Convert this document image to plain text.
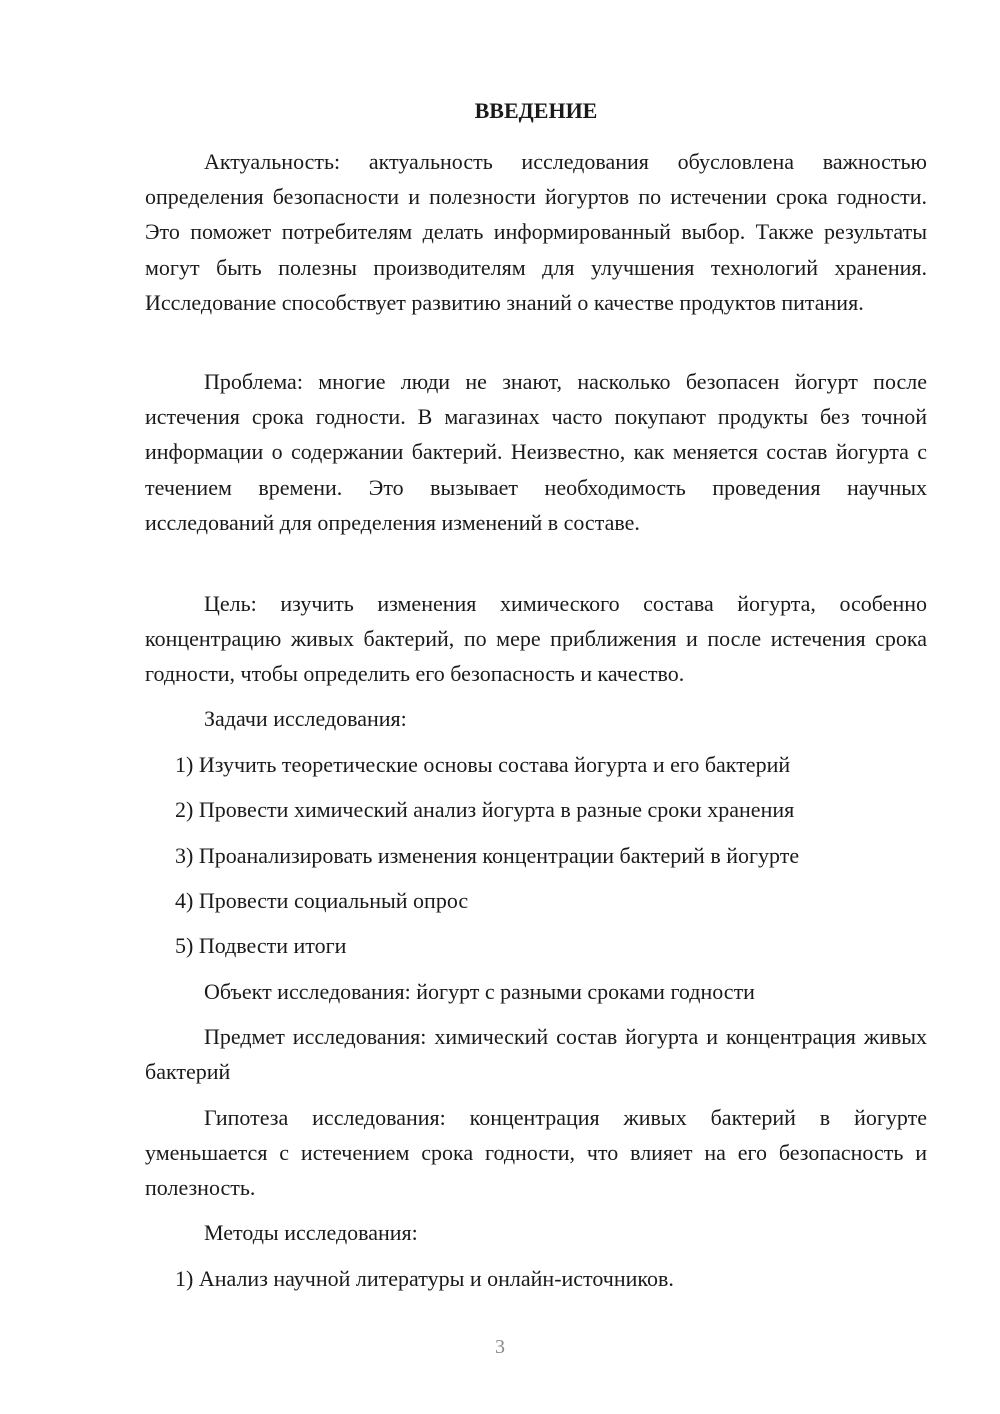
ВВЕДЕНИЕ

Актуальность: актуальность исследования обусловлена важностью определения безопасности и полезности йогуртов по истечении срока годности. Это поможет потребителям делать информированный выбор. Также результаты могут быть полезны производителям для улучшения технологий хранения. Исследование способствует развитию знаний о качестве продуктов питания.

Проблема: многие люди не знают, насколько безопасен йогурт после истечения срока годности. В магазинах часто покупают продукты без точной информации о содержании бактерий. Неизвестно, как меняется состав йогурта с течением времени. Это вызывает необходимость проведения научных исследований для определения изменений в составе.

Цель: изучить изменения химического состава йогурта, особенно концентрацию живых бактерий, по мере приближения и после истечения срока годности, чтобы определить его безопасность и качество.

Задачи исследования:

1) Изучить теоретические основы состава йогурта и его бактерий

2) Провести химический анализ йогурта в разные сроки хранения

3) Проанализировать изменения концентрации бактерий в йогурте

4) Провести социальный опрос

5) Подвести итоги

Объект исследования: йогурт с разными сроками годности

Предмет исследования: химический состав йогурта и концентрация живых бактерий

Гипотеза исследования: концентрация живых бактерий в йогурте уменьшается с истечением срока годности, что влияет на его безопасность и полезность.

Методы исследования:

1) Анализ научной литературы и онлайн-источников.

3
